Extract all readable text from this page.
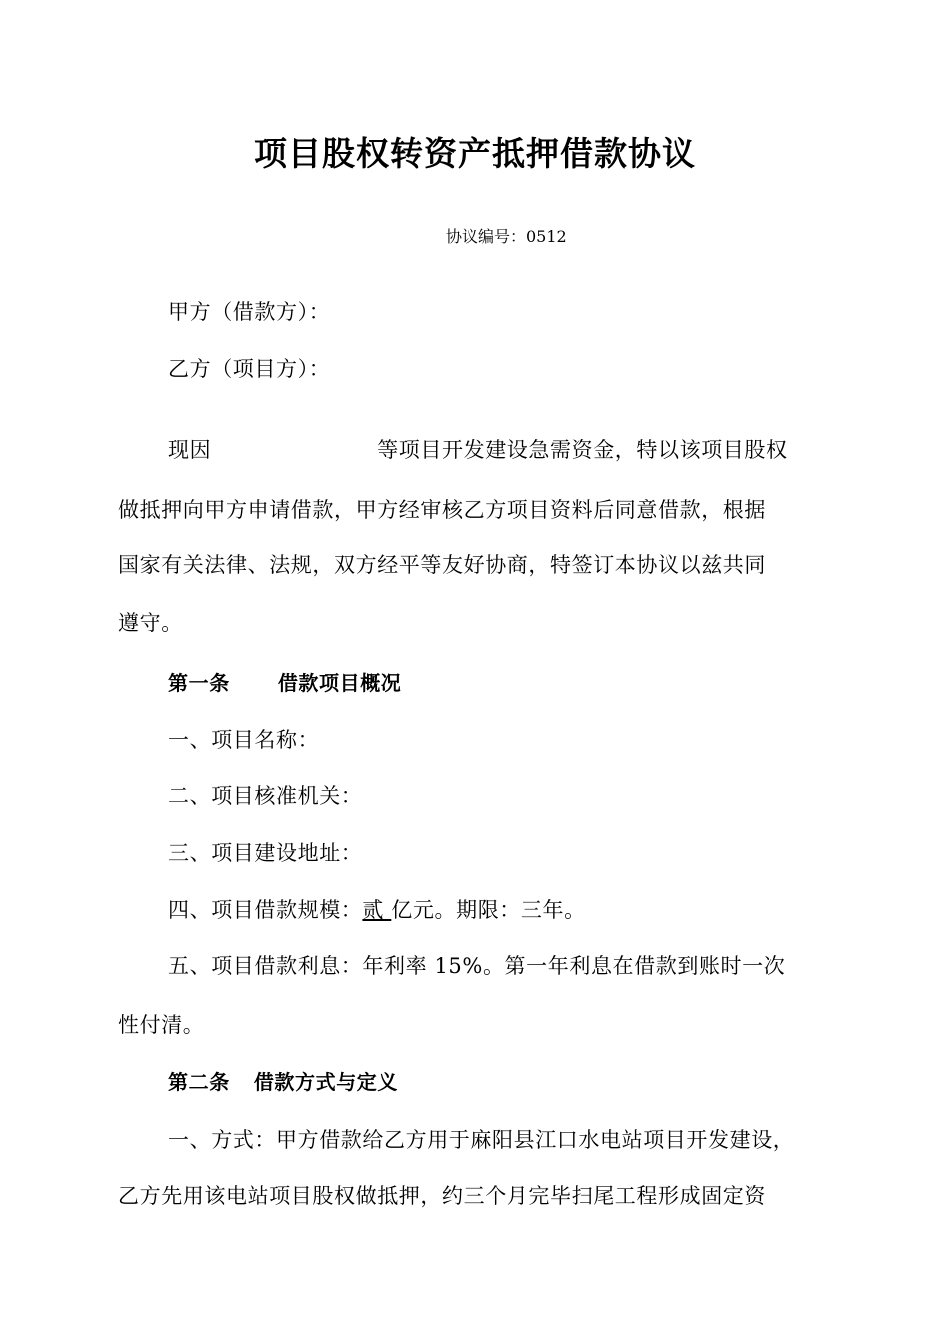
项目股权转资产抵押借款协议
协议编号：0512
甲方（借款方）：
乙方（项目方）：
现因	等项目开发建设急需资金，特以该项目股权
做抵押向甲方申请借款，甲方经审核乙方项目资料后同意借款，根据
国家有关法律、法规，双方经平等友好协商，特签订本协议以兹共同
遵守。
第一条 借款项目概况
一、项目名称：
二、项目核准机关：
三、项目建设地址：
四、项目借款规模：贰 亿元。期限：三年。
五、项目借款利息：年利率 15%。第一年利息在借款到账时一次
性付清。
第二条 借款方式与定义
一、方式：甲方借款给乙方用于麻阳县江口水电站项目开发建设，
乙方先用该电站项目股权做抵押，约三个月完毕扫尾工程形成固定资
